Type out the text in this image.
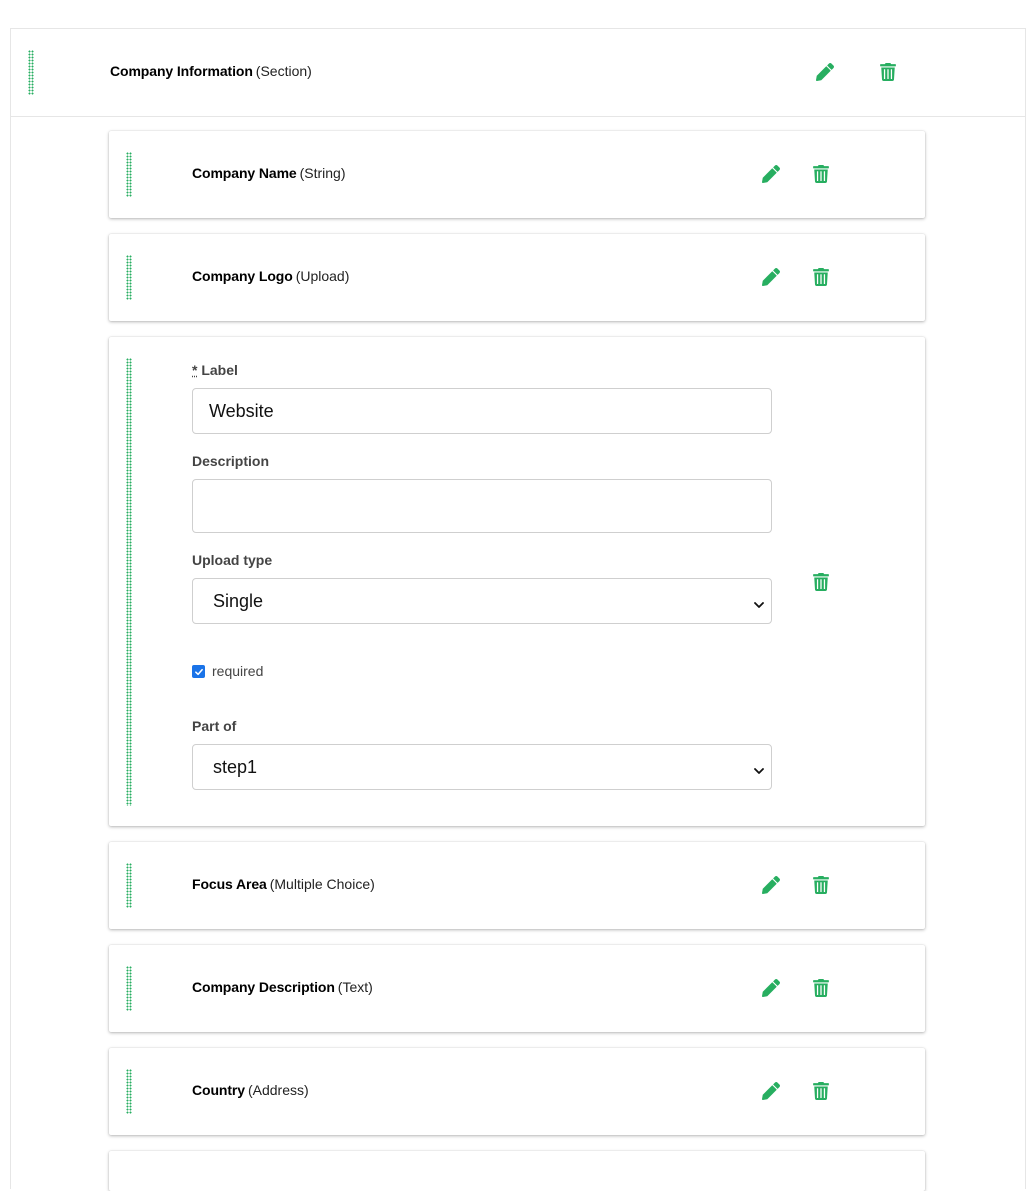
Company Information (Section)
Company Name (String)
Company Logo (Upload)
* Label
Website
Description
Upload type
Single
required
Part of
step1
Focus Area (Multiple Choice)
Company Description (Text)
Country (Address)
